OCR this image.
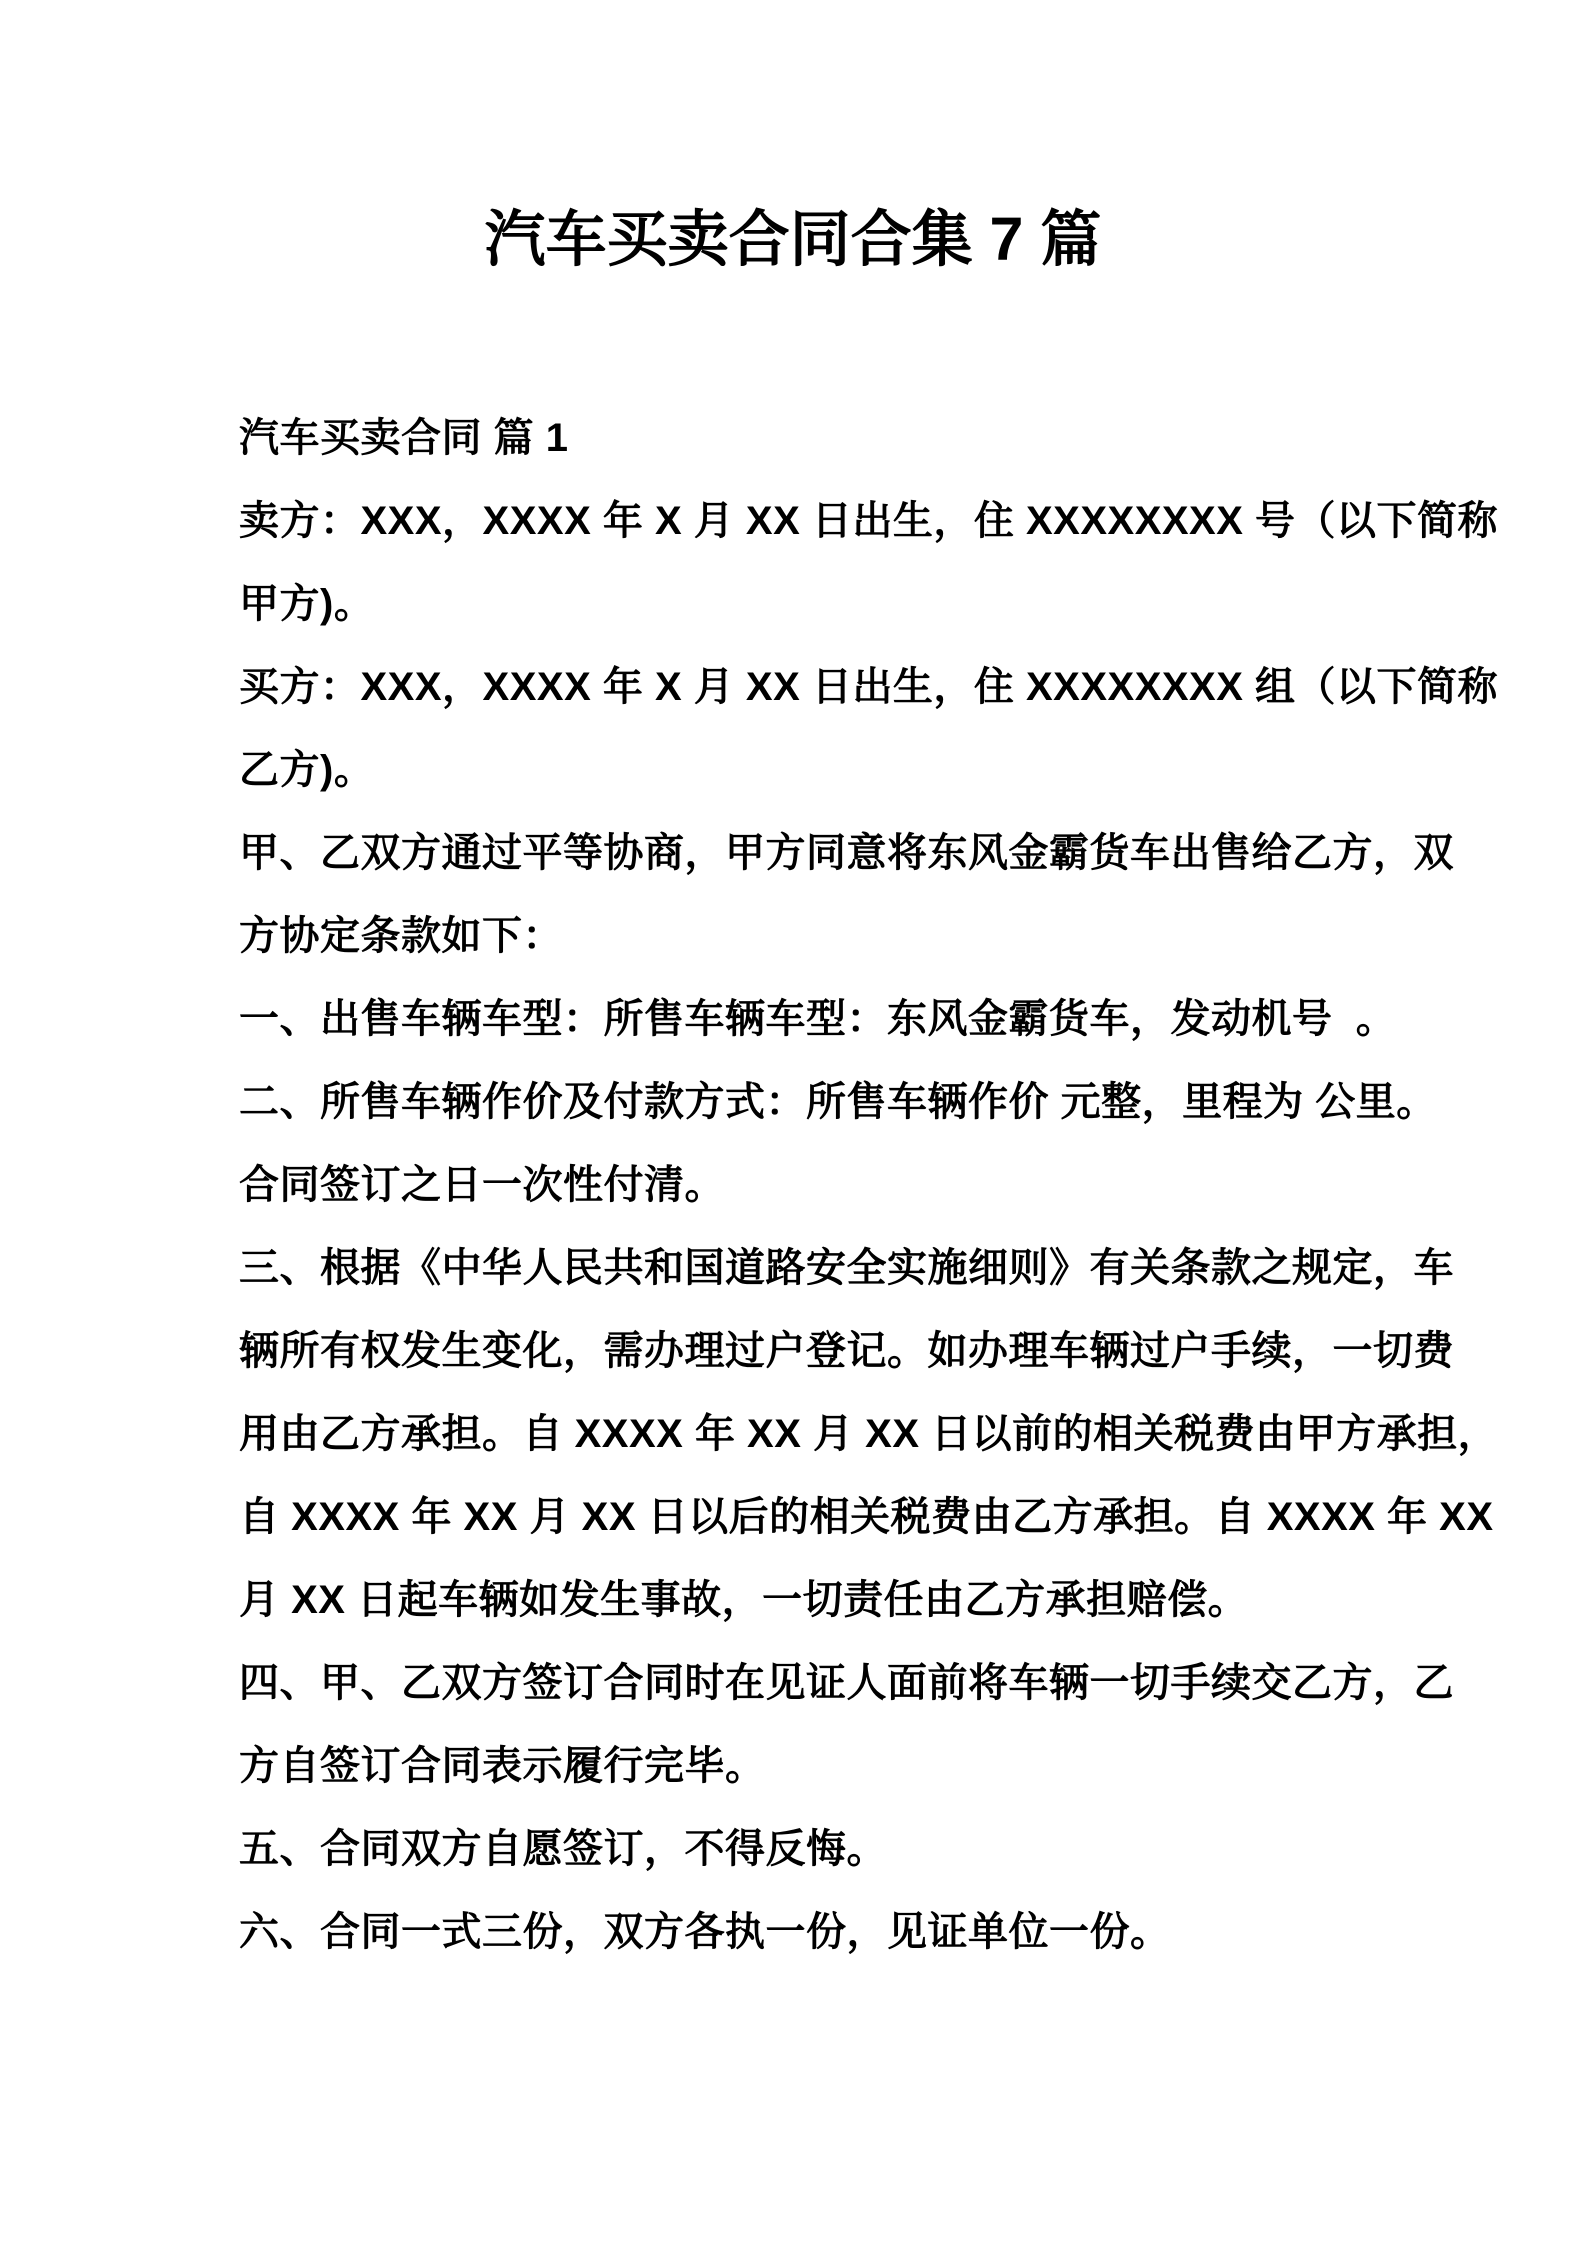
汽车买卖合同合集 7 篇
汽车买卖合同 篇 1
卖方：XXX，XXXX 年 X 月 XX 日出生，住 XXXXXXXX 号（以下简称
甲方)。
买方：XXX，XXXX 年 X 月 XX 日出生，住 XXXXXXXX 组（以下简称
乙方)。
甲、乙双方通过平等协商，甲方同意将东风金霸货车出售给乙方，双
方协定条款如下：
一、出售车辆车型：所售车辆车型：东风金霸货车，发动机号  。
二、所售车辆作价及付款方式：所售车辆作价 元整，里程为 公里。
合同签订之日一次性付清。
三、根据《中华人民共和国道路安全实施细则》有关条款之规定，车
辆所有权发生变化，需办理过户登记。如办理车辆过户手续，一切费
用由乙方承担。自 XXXX 年 XX 月 XX 日以前的相关税费由甲方承担，
自 XXXX 年 XX 月 XX 日以后的相关税费由乙方承担。自 XXXX 年 XX
月 XX 日起车辆如发生事故，一切责任由乙方承担赔偿。
四、甲、乙双方签订合同时在见证人面前将车辆一切手续交乙方，乙
方自签订合同表示履行完毕。
五、合同双方自愿签订，不得反悔。
六、合同一式三份，双方各执一份，见证单位一份。
